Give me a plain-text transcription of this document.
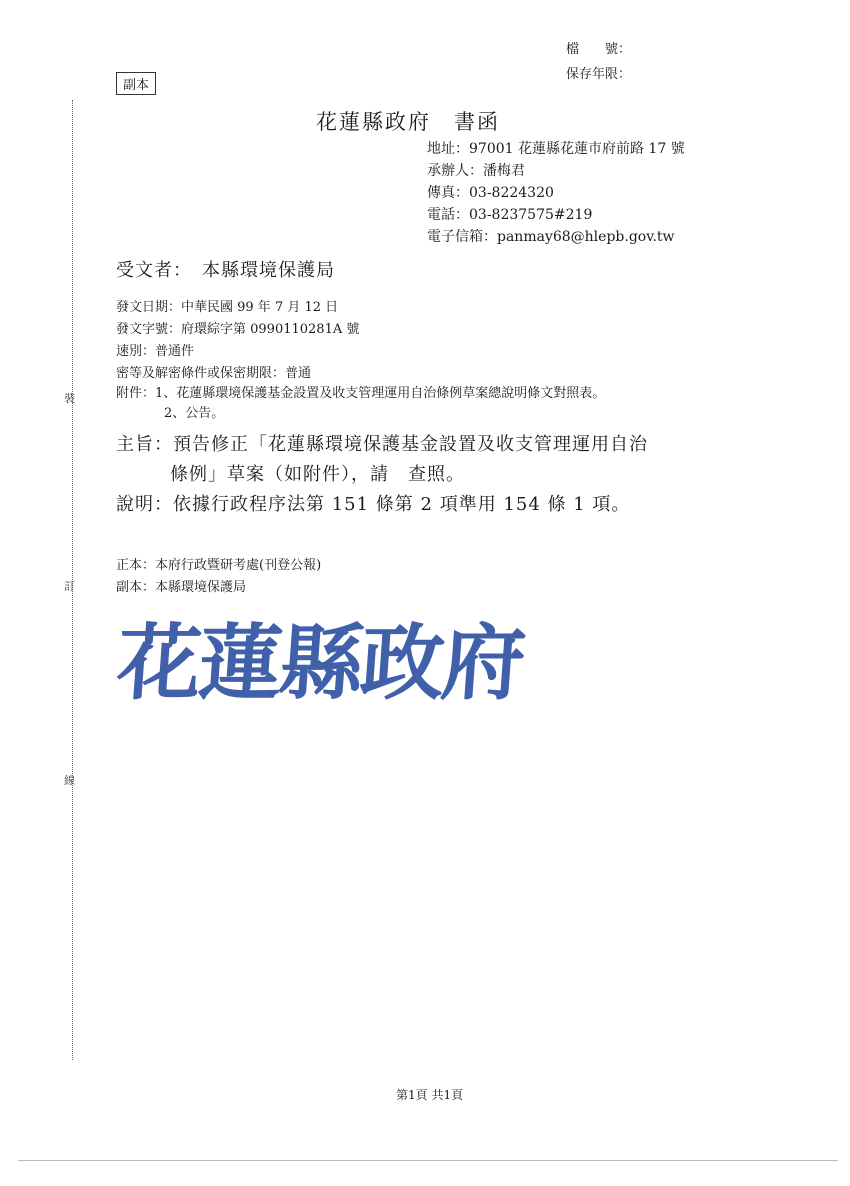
檔　　號：
保存年限：
副本
裝
訂
線
花蓮縣政府　書函
地址：97001 花蓮縣花蓮市府前路 17 號
承辦人：潘梅君
傳真：03-8224320
電話：03-8237575#219
電子信箱：panmay68@hlepb.gov.tw
受文者：　本縣環境保護局
發文日期：中華民國 99 年 7 月 12 日
發文字號：府環綜字第 0990110281A 號
速別：普通件
密等及解密條件或保密期限：普通
附件：1、花蓮縣環境保護基金設置及收支管理運用自治條例草案總說明條文對照表。
2、公告。
主旨：預告修正「花蓮縣環境保護基金設置及收支管理運用自治
條例」草案（如附件），請　查照。
說明：依據行政程序法第 151 條第 2 項準用 154 條 1 項。
正本：本府行政暨研考處(刊登公報)
副本：本縣環境保護局
花蓮縣政府
第1頁 共1頁
